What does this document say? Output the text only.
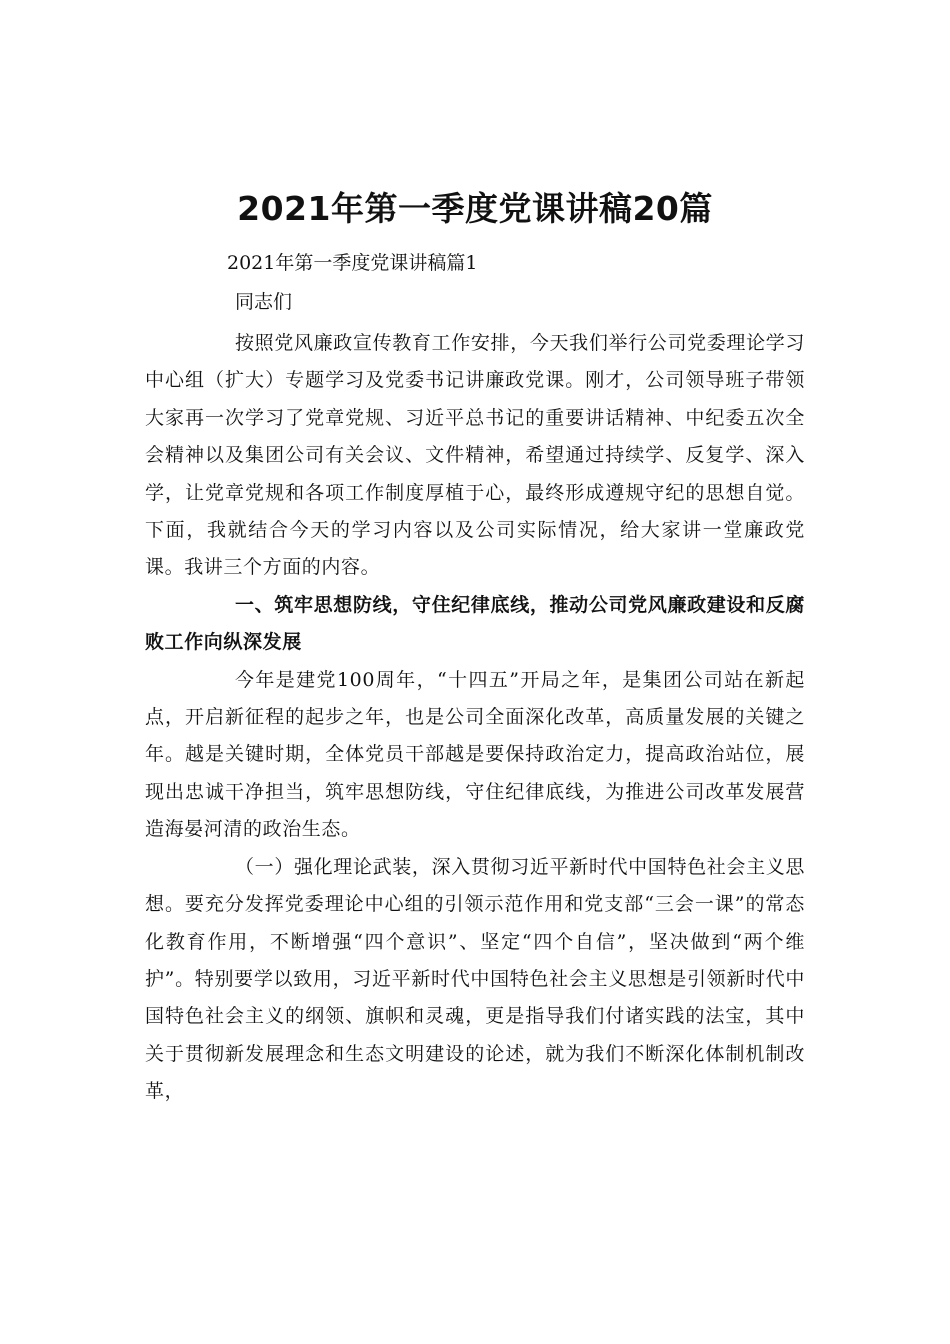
2021年第一季度党课讲稿20篇
2021年第一季度党课讲稿篇1
同志们

按照党风廉政宣传教育工作安排，今天我们举行公司党委理论学习中心组（扩大）专题学习及党委书记讲廉政党课。刚才，公司领导班子带领大家再一次学习了党章党规、习近平总书记的重要讲话精神、中纪委五次全会精神以及集团公司有关会议、文件精神，希望通过持续学、反复学、深入学，让党章党规和各项工作制度厚植于心，最终形成遵规守纪的思想自觉。下面，我就结合今天的学习内容以及公司实际情况，给大家讲一堂廉政党课。我讲三个方面的内容。

一、筑牢思想防线，守住纪律底线，推动公司党风廉政建设和反腐败工作向纵深发展

今年是建党100周年，“十四五”开局之年，是集团公司站在新起点，开启新征程的起步之年，也是公司全面深化改革，高质量发展的关键之年。越是关键时期，全体党员干部越是要保持政治定力，提高政治站位，展现出忠诚干净担当，筑牢思想防线，守住纪律底线，为推进公司改革发展营造海晏河清的政治生态。

（一）强化理论武装，深入贯彻习近平新时代中国特色社会主义思想。要充分发挥党委理论中心组的引领示范作用和党支部“三会一课”的常态化教育作用，不断增强“四个意识”、坚定“四个自信”，坚决做到“两个维护”。特别要学以致用，习近平新时代中国特色社会主义思想是引领新时代中国特色社会主义的纲领、旗帜和灵魂，更是指导我们付诸实践的法宝，其中关于贯彻新发展理念和生态文明建设的论述，就为我们不断深化体制机制改革，
